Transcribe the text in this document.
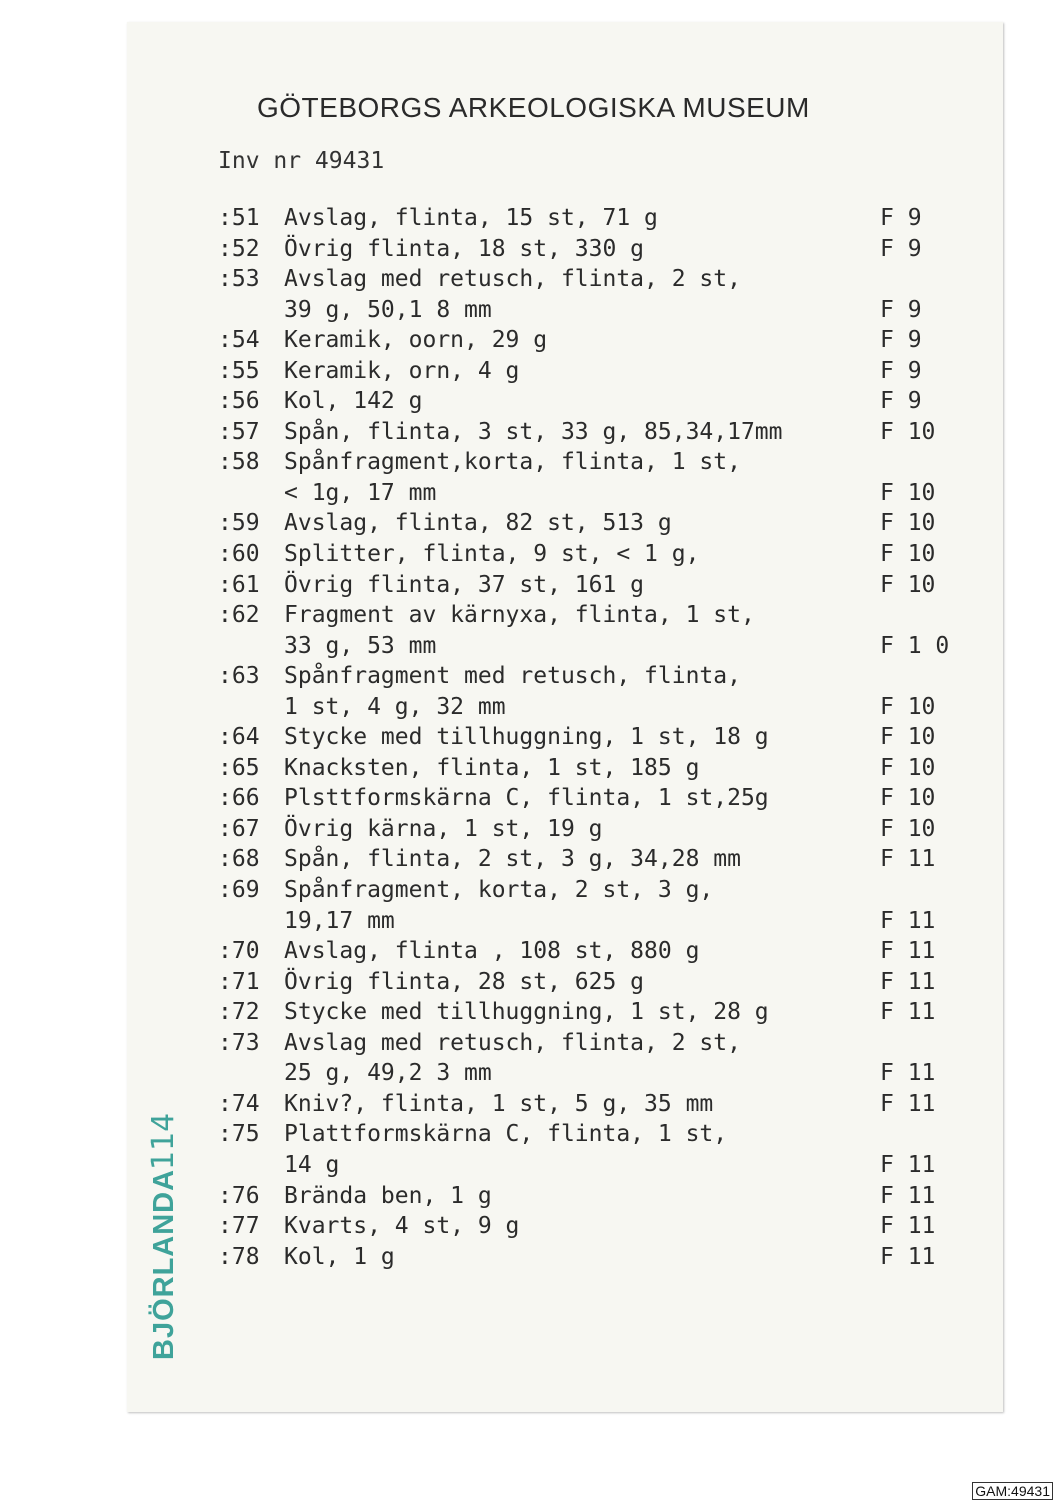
GÖTEBORGS ARKEOLOGISKA MUSEUM
Inv nr 49431
:51 Avslag, flinta, 15 st, 71 g	F 9
:52 Övrig flinta, 18 st, 330 g	F 9
:53 Avslag med retusch, flinta, 2 st,
39 g, 50,1 8 mm	F 9
:54 Keramik, oorn, 29 g	F 9
:55 Keramik, orn, 4 g	F 9
:56 Kol, 142 g	F 9
:57 Spån, flinta, 3 st, 33 g, 85,34,17mm	F 10
:58 Spånfragment,korta, flinta, 1 st,
< 1g, 17 mm	F 10
:59 Avslag, flinta, 82 st, 513 g	F 10
:60 Splitter, flinta, 9 st, < 1 g,	F 10
:61 Övrig flinta, 37 st, 161 g	F 10
:62 Fragment av kärnyxa, flinta, 1 st,
33 g, 53 mm	F 1 0
:63 Spånfragment med retusch, flinta,
1 st, 4 g, 32 mm	F 10
:64 Stycke med tillhuggning, 1 st, 18 g	F 10
:65 Knacksten, flinta, 1 st, 185 g	F 10
:66 Plsttformskärna C, flinta, 1 st,25g	F 10
:67 Övrig kärna, 1 st, 19 g	F 10
:68 Spån, flinta, 2 st, 3 g, 34,28 mm	F 11
:69 Spånfragment, korta, 2 st, 3 g,
19,17 mm	F 11
:70 Avslag, flinta , 108 st, 880 g	F 11
:71 Övrig flinta, 28 st, 625 g	F 11
:72 Stycke med tillhuggning, 1 st, 28 g	F 11
:73 Avslag med retusch, flinta, 2 st,
25 g, 49,2 3 mm	F 11
:74 Kniv?, flinta, 1 st, 5 g, 35 mm	F 11
:75 Plattformskärna C, flinta, 1 st,
14 g	F 11
:76 Brända ben, 1 g	F 11
:77 Kvarts, 4 st, 9 g	F 11
:78 Kol, 1 g	F 11
BJÖRLANDA
114
GAM:49431
